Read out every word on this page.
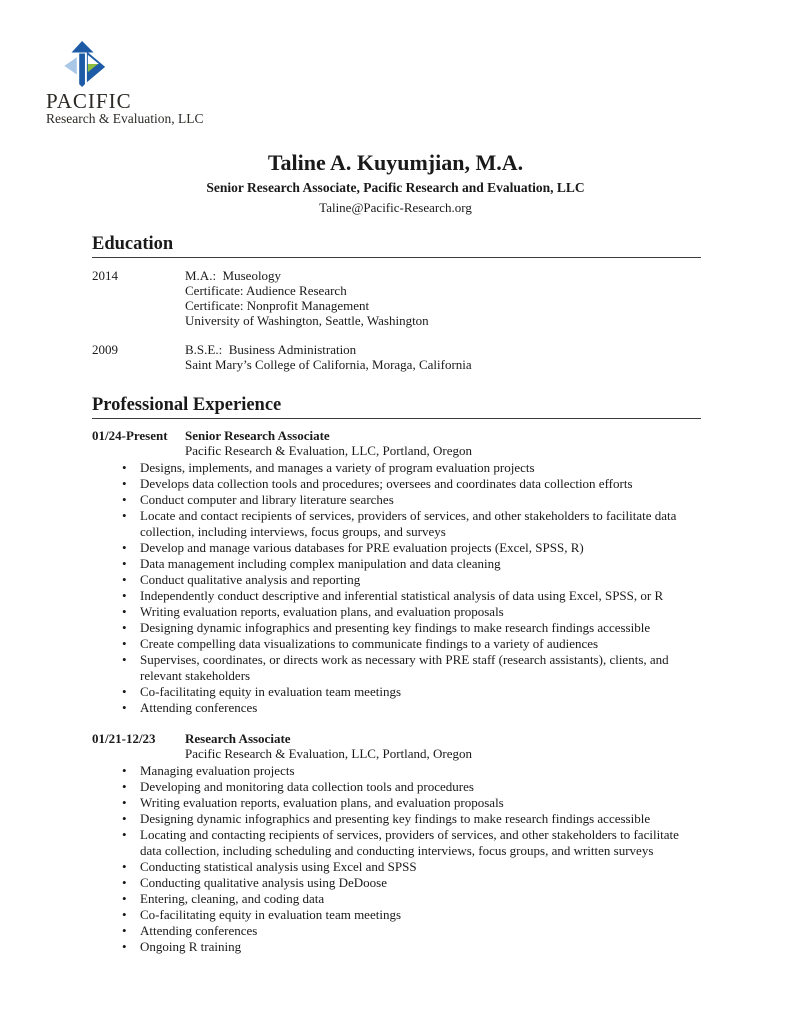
PACIFIC
Research & Evaluation, LLC
Taline A. Kuyumjian, M.A.
Senior Research Associate, Pacific Research and Evaluation, LLC
Taline@Pacific-Research.org
Education
2014	M.A.:  Museology
Certificate: Audience Research
Certificate: Nonprofit Management
University of Washington, Seattle, Washington
2009	B.S.E.:  Business Administration
Saint Mary’s College of California, Moraga, California
Professional Experience
01/24-Present	Senior Research Associate
Pacific Research & Evaluation, LLC, Portland, Oregon
• Designs, implements, and manages a variety of program evaluation projects
• Develops data collection tools and procedures; oversees and coordinates data collection efforts
• Conduct computer and library literature searches
• Locate and contact recipients of services, providers of services, and other stakeholders to facilitate data collection, including interviews, focus groups, and surveys
• Develop and manage various databases for PRE evaluation projects (Excel, SPSS, R)
• Data management including complex manipulation and data cleaning
• Conduct qualitative analysis and reporting
• Independently conduct descriptive and inferential statistical analysis of data using Excel, SPSS, or R
• Writing evaluation reports, evaluation plans, and evaluation proposals
• Designing dynamic infographics and presenting key findings to make research findings accessible
• Create compelling data visualizations to communicate findings to a variety of audiences
• Supervises, coordinates, or directs work as necessary with PRE staff (research assistants), clients, and relevant stakeholders
• Co-facilitating equity in evaluation team meetings
• Attending conferences
01/21-12/23	Research Associate
Pacific Research & Evaluation, LLC, Portland, Oregon
• Managing evaluation projects
• Developing and monitoring data collection tools and procedures
• Writing evaluation reports, evaluation plans, and evaluation proposals
• Designing dynamic infographics and presenting key findings to make research findings accessible
• Locating and contacting recipients of services, providers of services, and other stakeholders to facilitate data collection, including scheduling and conducting interviews, focus groups, and written surveys
• Conducting statistical analysis using Excel and SPSS
• Conducting qualitative analysis using DeDoose
• Entering, cleaning, and coding data
• Co-facilitating equity in evaluation team meetings
• Attending conferences
• Ongoing R training
